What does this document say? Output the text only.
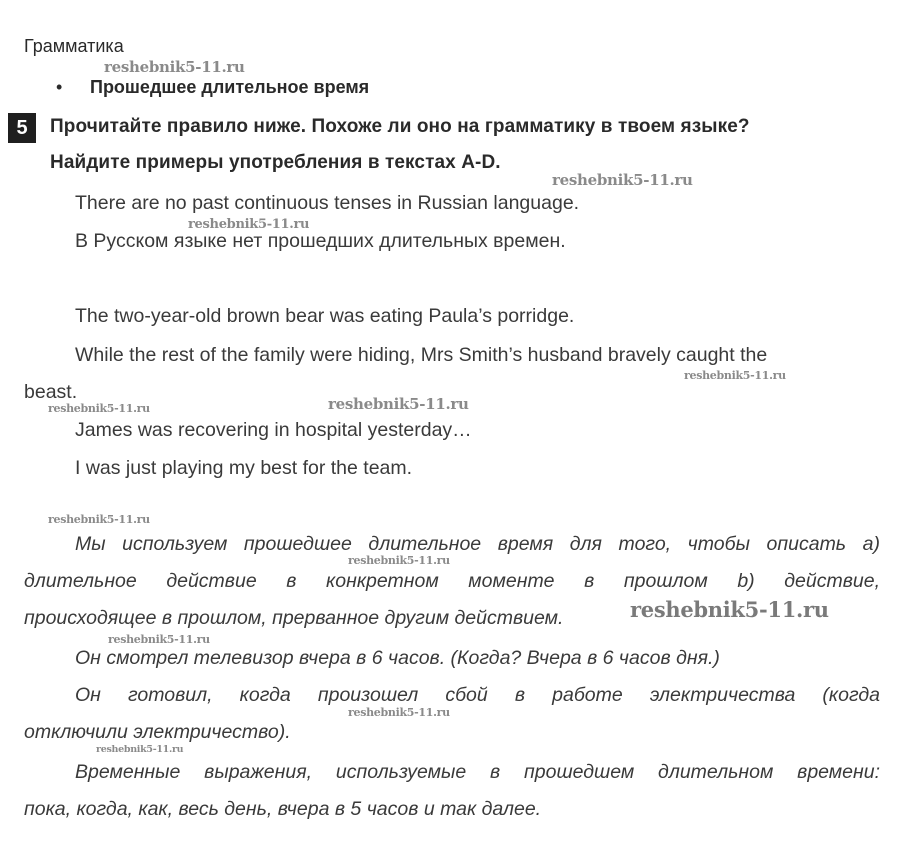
Грамматика
• Прошедшее длительное время
5	Прочитайте правило ниже. Похоже ли оно на грамматику в твоем языке?
Найдите примеры употребления в текстах A-D.
There are no past continuous tenses in Russian language.
В Русском языке нет прошедших длительных времен.
The two-year-old brown bear was eating Paula’s porridge.
While the rest of the family were hiding, Mrs Smith’s husband bravely caught the
beast.
James was recovering in hospital yesterday…
I was just playing my best for the team.
Мы используем прошедшее длительное время для того, чтобы описать a)
длительное действие в конкретном моменте в прошлом b) действие,
происходящее в прошлом, прерванное другим действием.
Он смотрел телевизор вчера в 6 часов. (Когда? Вчера в 6 часов дня.)
Он готовил, когда произошел сбой в работе электричества (когда
отключили электричество).
Временные выражения, используемые в прошедшем длительном времени:
пока, когда, как, весь день, вчера в 5 часов и так далее.
reshebnik5-11.ru
reshebnik5-11.ru
reshebnik5-11.ru
reshebnik5-11.ru
reshebnik5-11.ru	reshebnik5-11.ru
reshebnik5-11.ru
reshebnik5-11.ru
reshebnik5-11.ru
reshebnik5-11.ru
reshebnik5-11.ru
reshebnik5-11.ru
